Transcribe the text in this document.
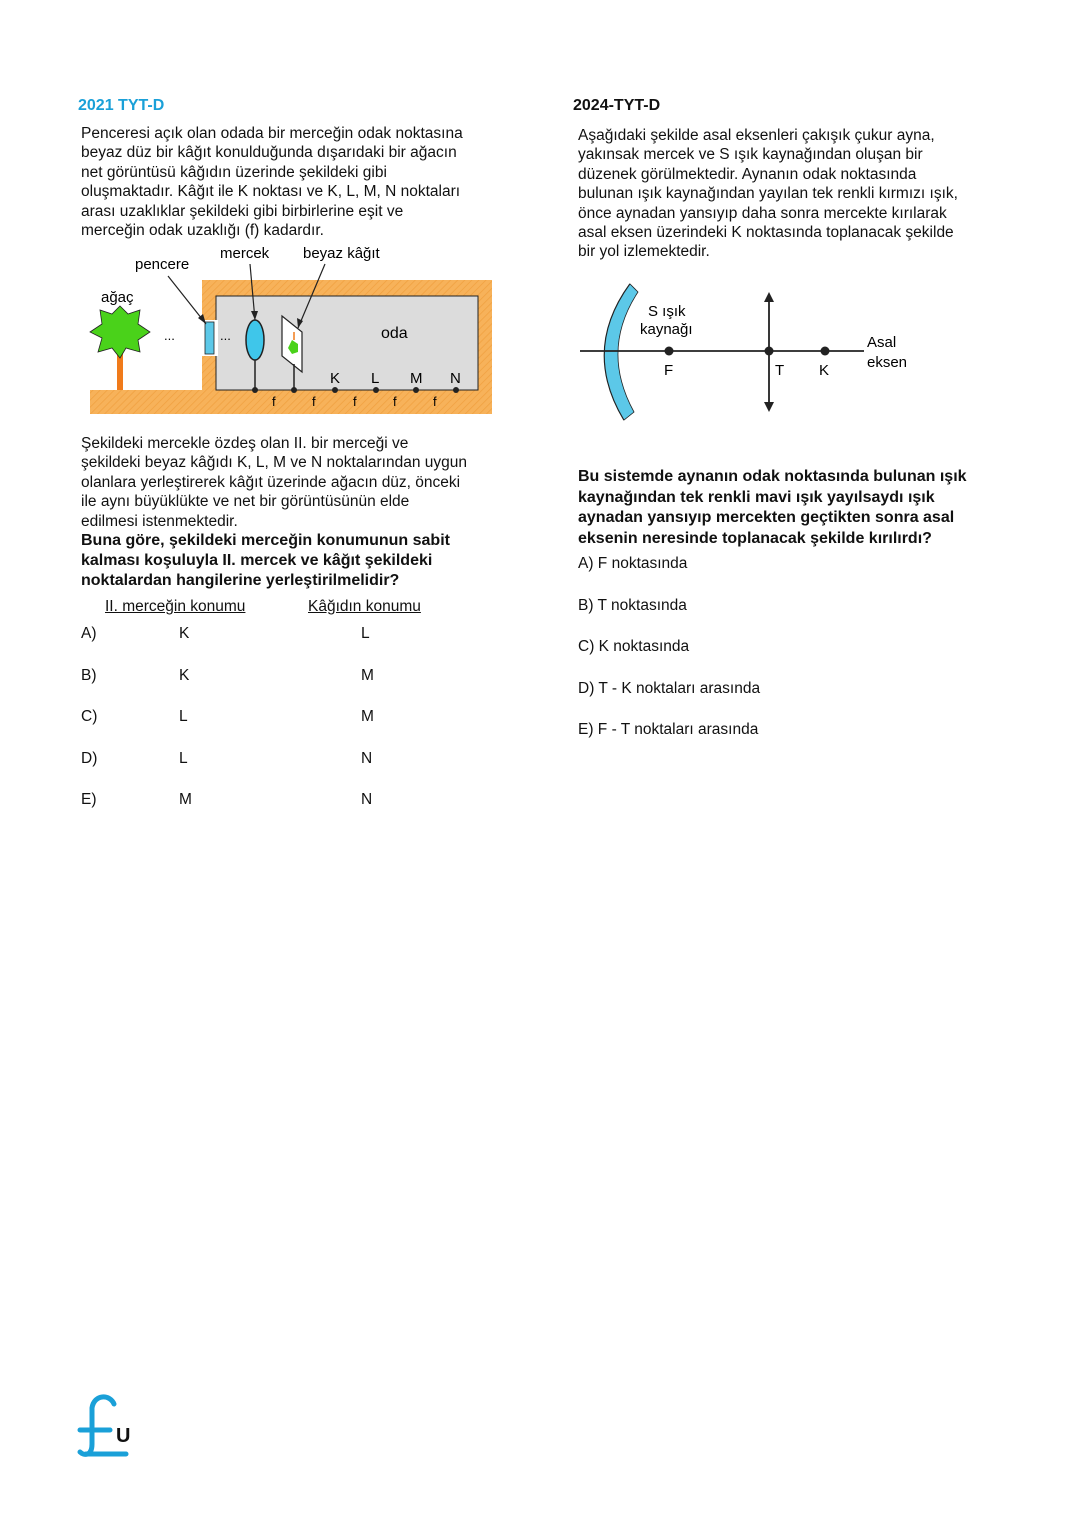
2021 TYT-D
Penceresi açık olan odada bir merceğin odak noktasına
beyaz düz bir kâğıt konulduğunda dışarıdaki bir ağacın
net görüntüsü kâğıdın üzerinde şekildeki gibi
oluşmaktadır. Kâğıt ile K noktası ve K, L, M, N noktaları
arası uzaklıklar şekildeki gibi birbirlerine eşit ve
merceğin odak uzaklığı (f) kadardır.
...	...
pencere
mercek beyaz kâğıt
ağaç
oda
K L M N
f	f	f	f	f
Şekildeki mercekle özdeş olan II. bir merceği ve
şekildeki beyaz kâğıdı K, L, M ve N noktalarından uygun
olanlara yerleştirerek kâğıt üzerinde ağacın düz, önceki
ile aynı büyüklükte ve net bir görüntüsünün elde
edilmesi istenmektedir.
Buna göre, şekildeki merceğin konumunun sabit
kalması koşuluyla II. mercek ve kâğıt şekildeki
noktalardan hangilerine yerleştirilmelidir?
II. merceğin konumu	Kâğıdın konumu
A)	K	L
B)	K	M
C)	L	M
D)	L	N
E)	M	N
2024-TYT-D
Aşağıdaki şekilde asal eksenleri çakışık çukur ayna,
yakınsak mercek ve S ışık kaynağından oluşan bir
düzenek görülmektedir. Aynanın odak noktasında
bulunan ışık kaynağından yayılan tek renkli kırmızı ışık,
önce aynadan yansıyıp daha sonra mercekte kırılarak
asal eksen üzerindeki K noktasında toplanacak şekilde
bir yol izlemektedir.
F	T K
S ışık
kaynağı
Asal
eksen
Bu sistemde aynanın odak noktasında bulunan ışık
kaynağından tek renkli mavi ışık yayılsaydı ışık
aynadan yansıyıp mercekten geçtikten sonra asal
eksenin neresinde toplanacak şekilde kırılırdı?
A) F noktasında
B) T noktasında
C) K noktasında
D) T - K noktaları arasında
E) F - T noktaları arasında
U
